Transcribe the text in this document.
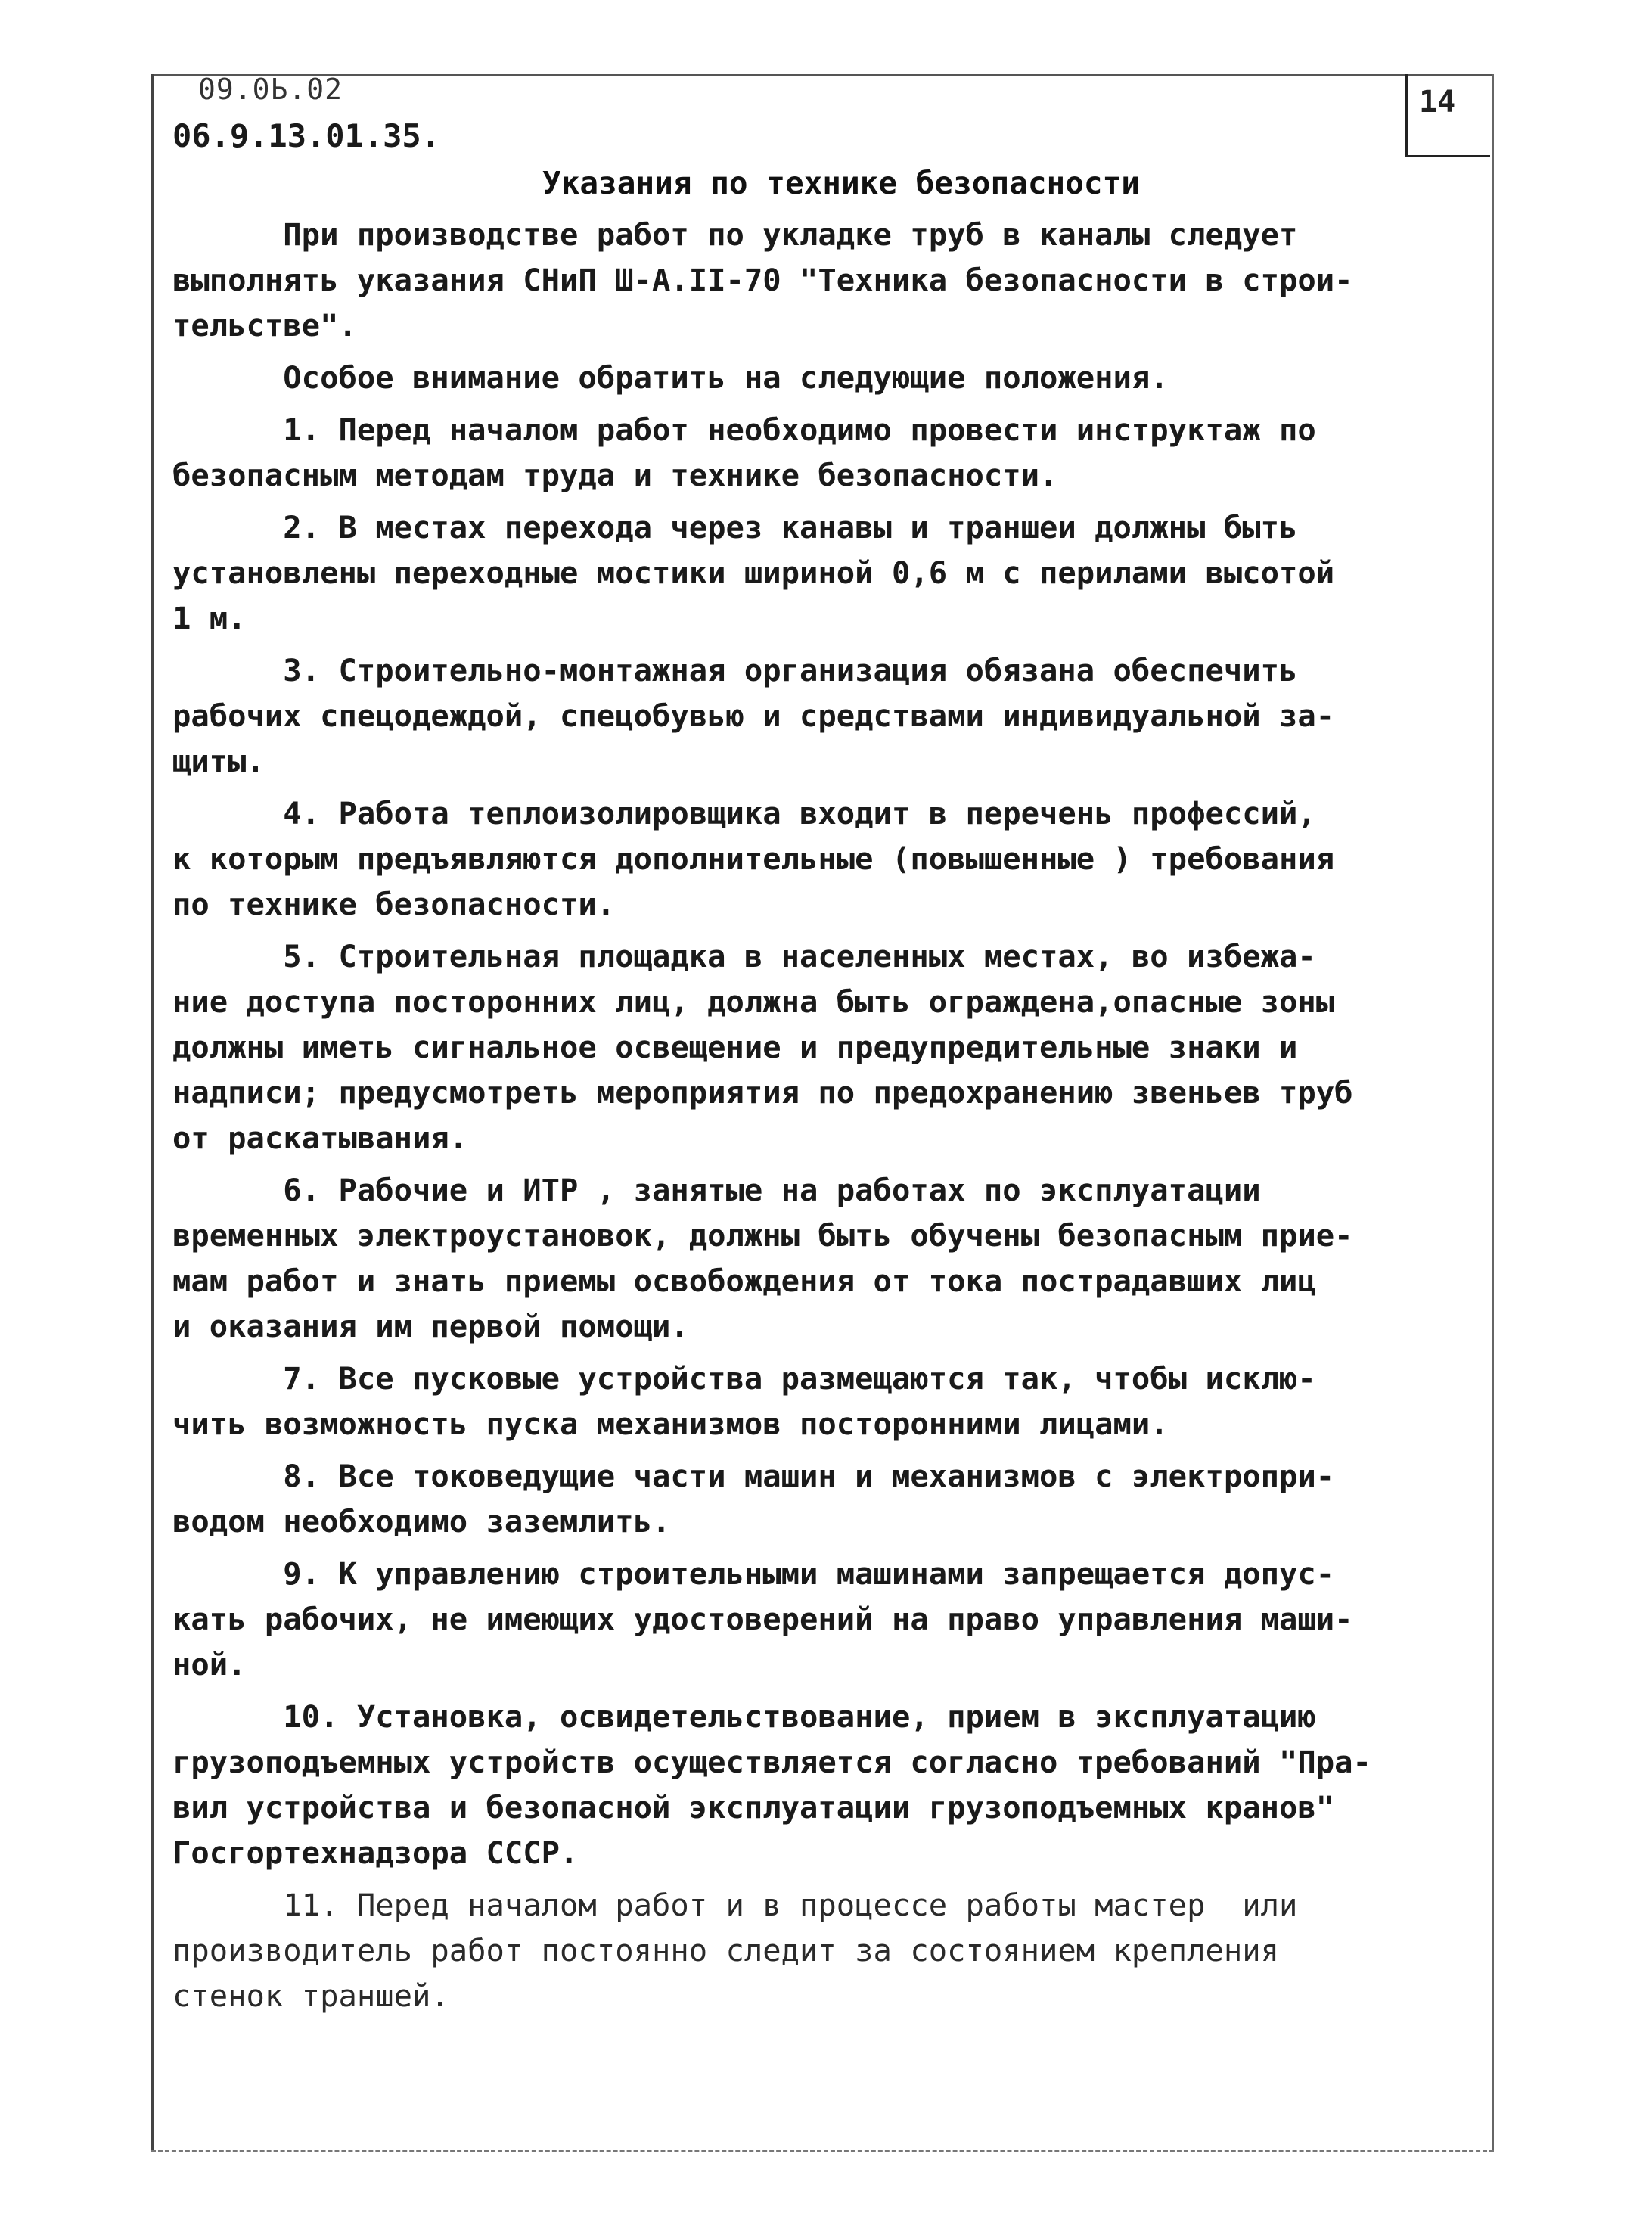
14
09.0Ь.02
06.9.13.01.35.
Указания по технике безопасности
При производстве работ по укладке труб в каналы следует
выполнять указания СНиП Ш-А.II-70 "Техника безопасности в строи-
тельстве".
Особое внимание обратить на следующие положения.
1. Перед началом работ необходимо провести инструктаж по
безопасным методам труда и технике безопасности.
2. В местах перехода через канавы и траншеи должны быть
установлены переходные мостики шириной 0,6 м с перилами высотой
1 м.
3. Строительно-монтажная организация обязана обеспечить
рабочих спецодеждой, спецобувью и средствами индивидуальной за-
щиты.
4. Работа теплоизолировщика входит в перечень профессий,
к которым предъявляются дополнительные (повышенные ) требования
по технике безопасности.
5. Строительная площадка в населенных местах, во избежа-
ние доступа посторонних лиц, должна быть ограждена,опасные зоны
должны иметь сигнальное освещение и предупредительные знаки и
надписи; предусмотреть мероприятия по предохранению звеньев труб
от раскатывания.
6. Рабочие и ИТР , занятые на работах по эксплуатации
временных электроустановок, должны быть обучены безопасным прие-
мам работ и знать приемы освобождения от тока пострадавших лиц
и оказания им первой помощи.
7. Все пусковые устройства размещаются так, чтобы исклю-
чить возможность пуска механизмов посторонними лицами.
8. Все токоведущие части машин и механизмов с электропри-
водом необходимо заземлить.
9. К управлению строительными машинами запрещается допус-
кать рабочих, не имеющих удостоверений на право управления маши-
ной.
10. Установка, освидетельствование, прием в эксплуатацию
грузоподъемных устройств осуществляется согласно требований "Пра-
вил устройства и безопасной эксплуатации грузоподъемных кранов"
Госгортехнадзора СССР.
11. Перед началом работ и в процессе работы мастер  или
производитель работ постоянно следит за состоянием крепления
стенок траншей.
